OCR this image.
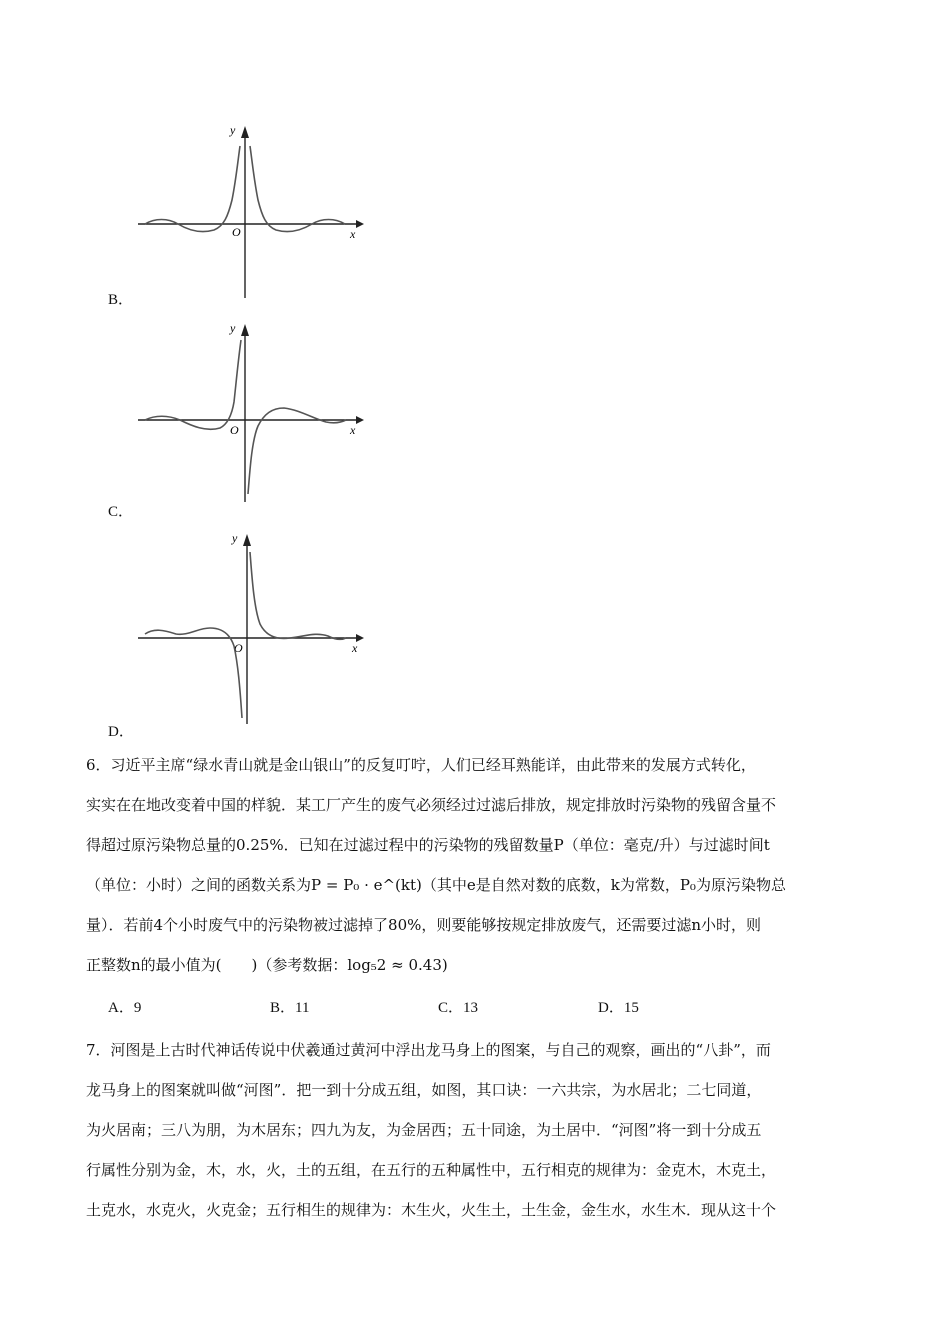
y
x
O
B．
y
x
O
C．
y
x
O
D．
6．习近平主席“绿水青山就是金山银山”的反复叮咛，人们已经耳熟能详，由此带来的发展方式转化，
实实在在地改变着中国的样貌．某工厂产生的废气必须经过过滤后排放，规定排放时污染物的残留含量不
得超过原污染物总量的0.25%．已知在过滤过程中的污染物的残留数量P（单位：毫克/升）与过滤时间t
（单位：小时）之间的函数关系为P = P₀ · e^(kt)（其中e是自然对数的底数，k为常数，P₀为原污染物总
量）．若前4个小时废气中的污染物被过滤掉了80%，则要能够按规定排放废气，还需要过滤n小时，则
正整数n的最小值为(　　)（参考数据：log₅2 ≈ 0.43)
A．9	B．11	C．13	D．15
7．河图是上古时代神话传说中伏羲通过黄河中浮出龙马身上的图案，与自己的观察，画出的“八卦”，而
龙马身上的图案就叫做“河图”．把一到十分成五组，如图，其口诀：一六共宗，为水居北；二七同道，
为火居南；三八为朋，为木居东；四九为友，为金居西；五十同途，为土居中．“河图”将一到十分成五
行属性分别为金，木，水，火，土的五组，在五行的五种属性中，五行相克的规律为：金克木，木克土，
土克水，水克火，火克金；五行相生的规律为：木生火，火生土，土生金，金生水，水生木．现从这十个
